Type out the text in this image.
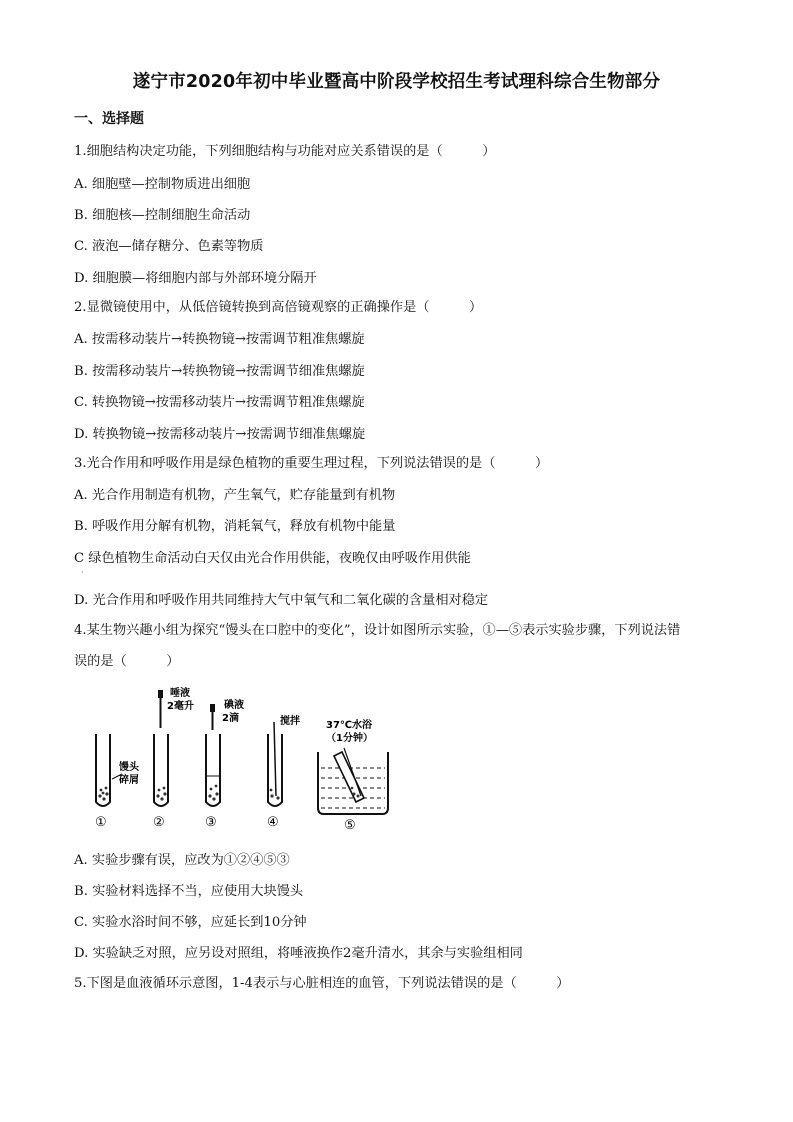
遂宁市2020年初中毕业暨高中阶段学校招生考试理科综合生物部分
一、选择题
1.细胞结构决定功能，下列细胞结构与功能对应关系错误的是（　　　）
A. 细胞壁—控制物质进出细胞
B. 细胞核—控制细胞生命活动
C. 液泡—储存糖分、色素等物质
D. 细胞膜—将细胞内部与外部环境分隔开
2.显微镜使用中，从低倍镜转换到高倍镜观察的正确操作是（　　　）
A. 按需移动装片→转换物镜→按需调节粗准焦螺旋
B. 按需移动装片→转换物镜→按需调节细准焦螺旋
C. 转换物镜→按需移动装片→按需调节粗准焦螺旋
D. 转换物镜→按需移动装片→按需调节细准焦螺旋
3.光合作用和呼吸作用是绿色植物的重要生理过程，下列说法错误的是（　　　）
A. 光合作用制造有机物，产生氧气，贮存能量到有机物
B. 呼吸作用分解有机物，消耗氧气，释放有机物中能量
C 绿色植物生命活动白天仅由光合作用供能，夜晚仅由呼吸作用供能
·
D. 光合作用和呼吸作用共同维持大气中氧气和二氧化碳的含量相对稳定
4.某生物兴趣小组为探究“馒头在口腔中的变化”，设计如图所示实验，①—⑤表示实验步骤，下列说法错
误的是（　　　）
馒头
碎屑
①
唾液
2毫升
②
碘液
2滴
③
搅拌
④
37℃水浴
（1分钟）
⑤
A. 实验步骤有误，应改为①②④⑤③
B. 实验材料选择不当，应使用大块馒头
C. 实验水浴时间不够，应延长到10分钟
D. 实验缺乏对照，应另设对照组，将唾液换作2毫升清水，其余与实验组相同
5.下图是血液循环示意图，1-4表示与心脏相连的血管，下列说法错误的是（　　　）
